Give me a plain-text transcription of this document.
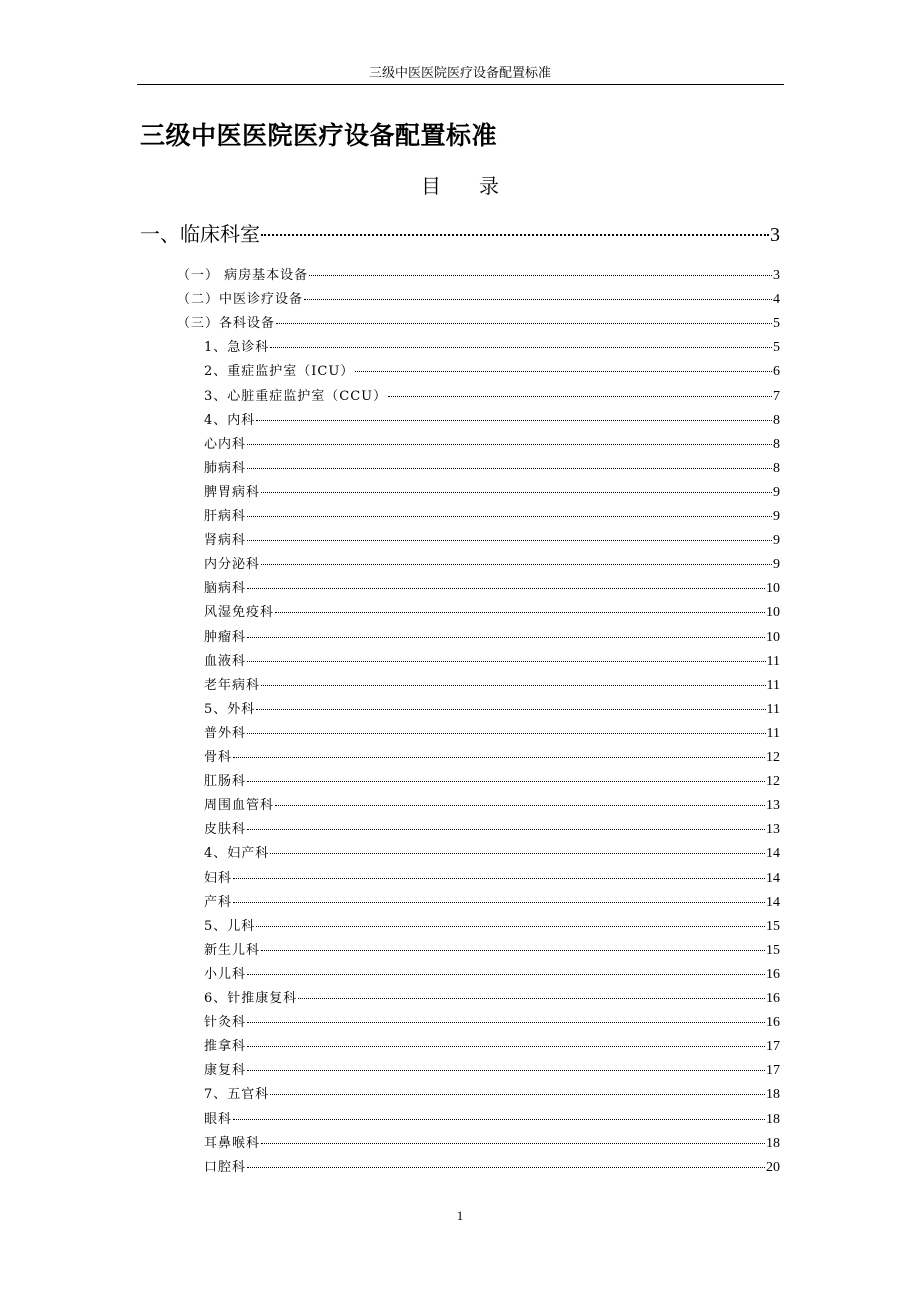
三级中医医院医疗设备配置标准
三级中医医院医疗设备配置标准
目 录
一、临床科室	3
（一） 病房基本设备	3
（二）中医诊疗设备	4
（三）各科设备	5
1、急诊科	5
2、重症监护室（ICU）	6
3、心脏重症监护室（CCU）	7
4、内科	8
心内科	8
肺病科	8
脾胃病科	9
肝病科	9
肾病科	9
内分泌科	9
脑病科	10
风湿免疫科	10
肿瘤科	10
血液科	11
老年病科	11
5、外科	11
普外科	11
骨科	12
肛肠科	12
周围血管科	13
皮肤科	13
4、妇产科	14
妇科	14
产科	14
5、儿科	15
新生儿科	15
小儿科	16
6、针推康复科	16
针灸科	16
推拿科	17
康复科	17
7、五官科	18
眼科	18
耳鼻喉科	18
口腔科	20
1
